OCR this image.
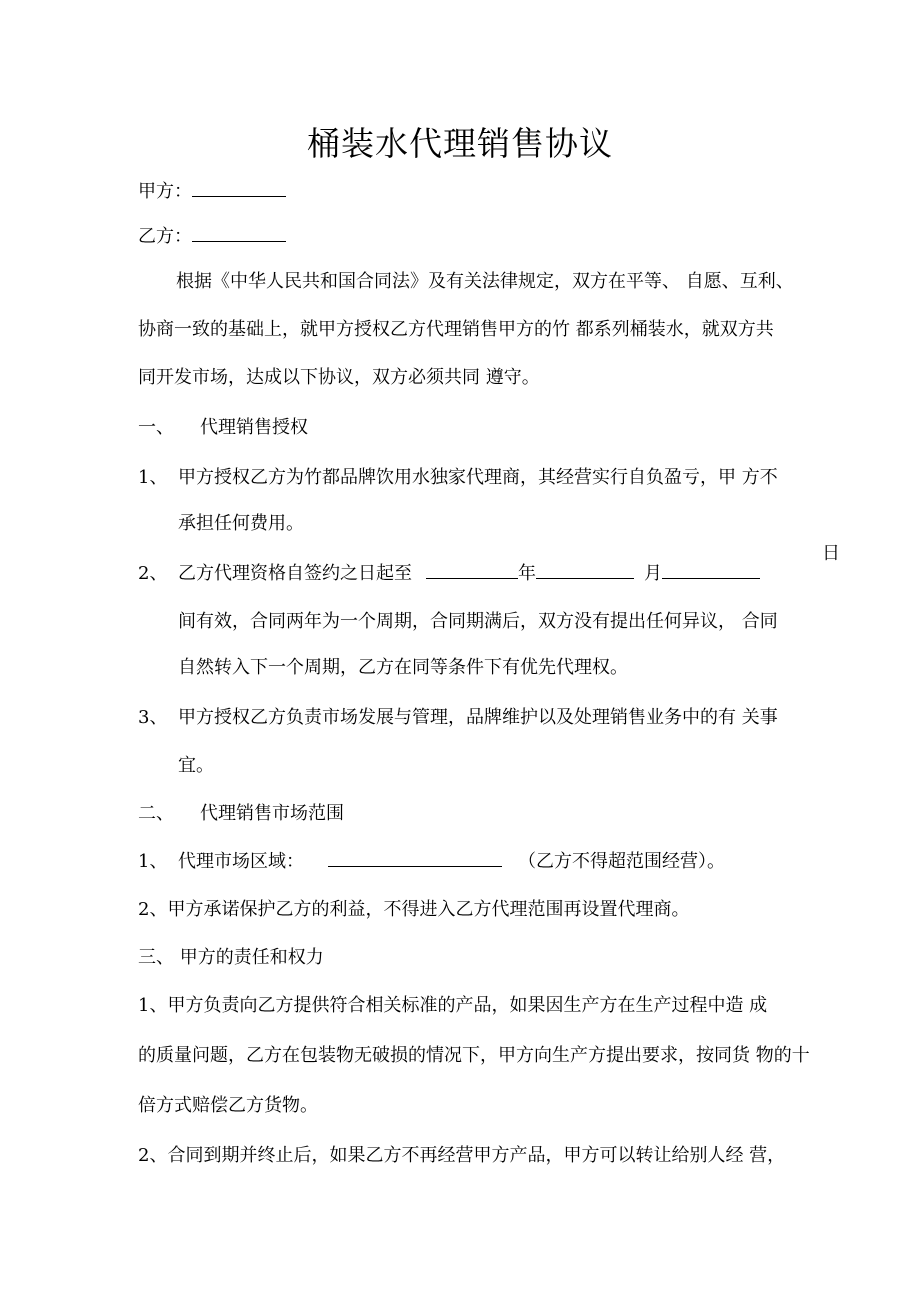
桶装水代理销售协议
甲方：
乙方：
根据《中华人民共和国合同法》及有关法律规定，双方在平等、 自愿、互利、
协商一致的基础上，就甲方授权乙方代理销售甲方的竹 都系列桶装水，就双方共
同开发市场，达成以下协议，双方必须共同 遵守。
一、 代理销售授权
1、 甲方授权乙方为竹都品牌饮用水独家代理商，其经营实行自负盈亏，甲 方不
承担任何费用。
2、 乙方代理资格自签约之日起至	年	月
日
间有效，合同两年为一个周期，合同期满后，双方没有提出任何异议， 合同
自然转入下一个周期，乙方在同等条件下有优先代理权。
3、 甲方授权乙方负责市场发展与管理，品牌维护以及处理销售业务中的有 关事
宜。
二、 代理销售市场范围
1、 代理市场区域：	（乙方不得超范围经营）。
2、甲方承诺保护乙方的利益，不得进入乙方代理范围再设置代理商。
三、 甲方的责任和权力
1、甲方负责向乙方提供符合相关标准的产品，如果因生产方在生产过程中造 成
的质量问题，乙方在包装物无破损的情况下，甲方向生产方提出要求，按同货 物的十
倍方式赔偿乙方货物。
2、合同到期并终止后，如果乙方不再经营甲方产品，甲方可以转让给别人经 营，
